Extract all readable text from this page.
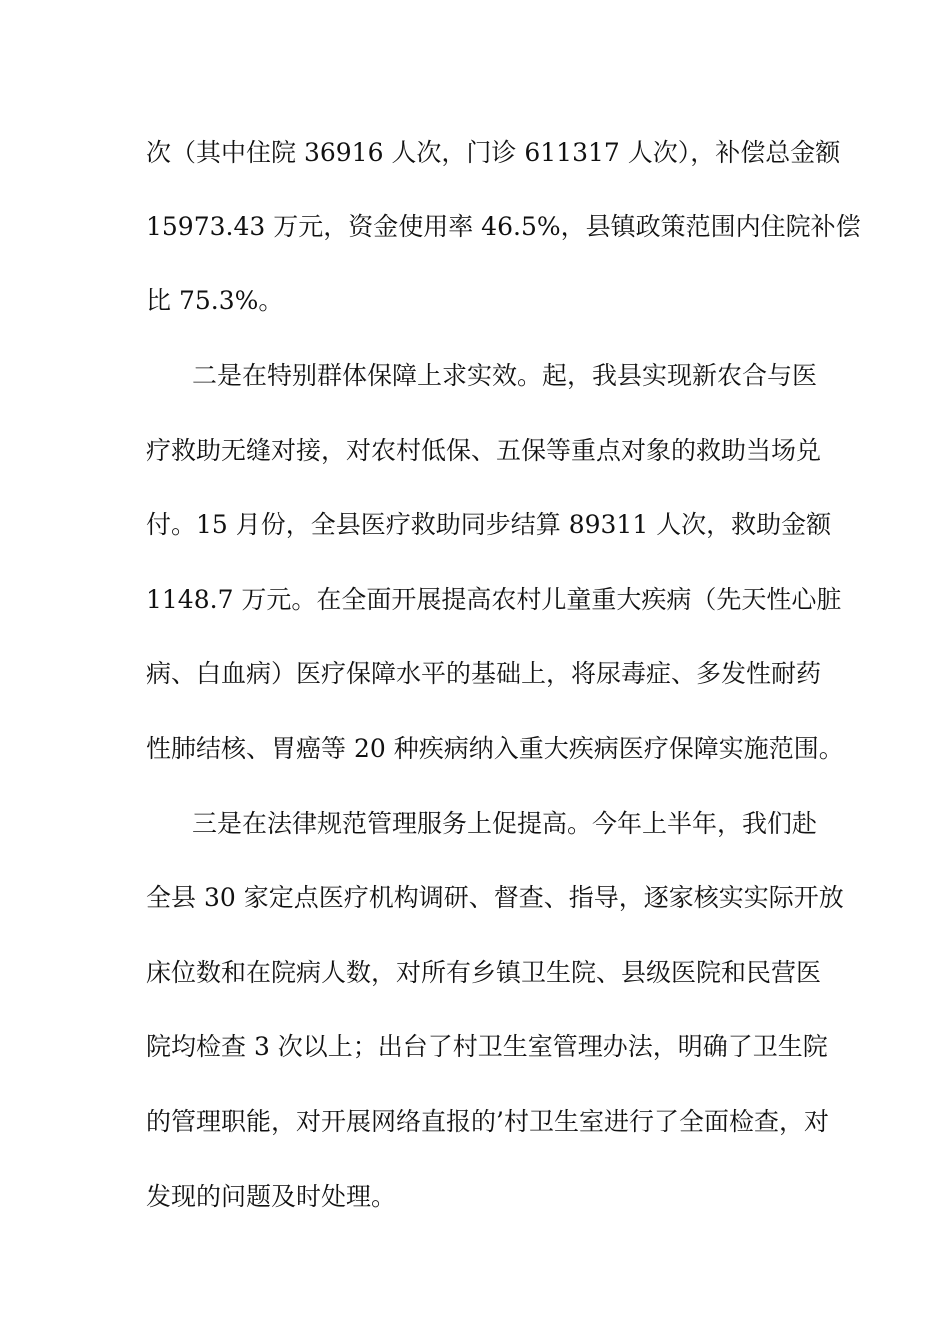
次（其中住院 36916 人次，门诊 611317 人次），补偿总金额

15973.43 万元，资金使用率 46.5%，县镇政策范围内住院补偿

比 75.3%。

二是在特别群体保障上求实效。起，我县实现新农合与医

疗救助无缝对接，对农村低保、五保等重点对象的救助当场兑

付。15 月份，全县医疗救助同步结算 89311 人次，救助金额

1148.7 万元。在全面开展提高农村儿童重大疾病（先天性心脏

病、白血病）医疗保障水平的基础上，将尿毒症、多发性耐药

性肺结核、胃癌等 20 种疾病纳入重大疾病医疗保障实施范围。

三是在法律规范管理服务上促提高。今年上半年，我们赴

全县 30 家定点医疗机构调研、督查、指导，逐家核实实际开放

床位数和在院病人数，对所有乡镇卫生院、县级医院和民营医

院均检查 3 次以上；出台了村卫生室管理办法，明确了卫生院

的管理职能，对开展网络直报的’村卫生室进行了全面检查，对

发现的问题及时处理。
